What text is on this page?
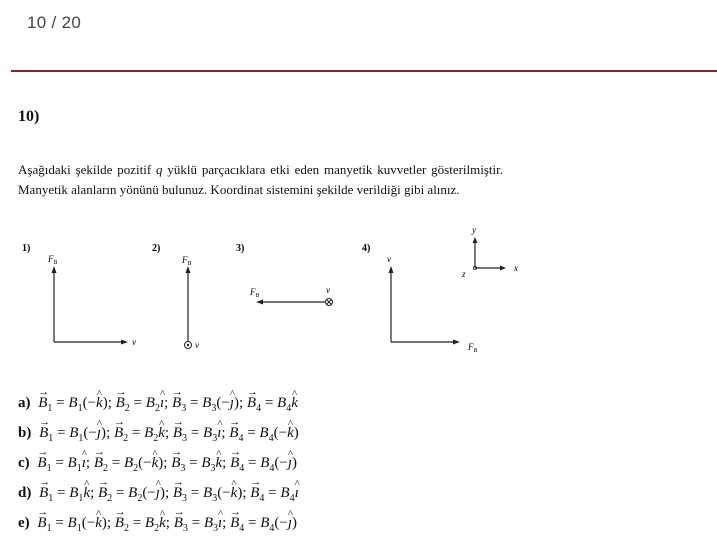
10 / 20
10)
Aşağıdaki şekilde pozitif q yüklü parçacıklara etki eden manyetik kuvvetler gösterilmiştir. Manyetik alanların yönünü bulunuz. Koordinat sistemini şekilde verildiği gibi alınız.
1)
$F_B$
v
2)
$F_B$
v
3)
$F_B$
v
4)
v
$F_B$
y
x
z
$a) \to B_1$ = $B_1(-\^{}$ k); → $B_2$ = $B_2\^{}$ ı; → $B_3$ = $B_3(-\^{}$ ȷ); → $B_4$ = $B_4\^{}$ k
$b) \to B_1$ = $B_1(-\^{}$ ȷ); → $B_2$ = $B_2\^{}$ k; → $B_3$ = $B_3\^{}$ ı; → $B_4$ = $B_4(-\^{}$ k)
$c) \to B_1$ = $B_1\^{}$ ı; → $B_2$ = $B_2(-\^{}$ k); → $B_3$ = $B_3\^{}$ k; → $B_4$ = $B_4(-\^{}$ ȷ)
$d) \to B_1$ = $B_1\^{}$ k; → $B_2$ = $B_2(-\^{}$ ȷ); → $B_3$ = $B_3(-\^{}$ k); → $B_4$ = $B_4\^{}$ ı
$e) \to B_1$ = $B_1(-\^{}$ k); → $B_2$ = $B_2\^{}$ k; → $B_3$ = $B_3\^{}$ ı; → $B_4$ = $B_4(-\^{}$ ȷ)
